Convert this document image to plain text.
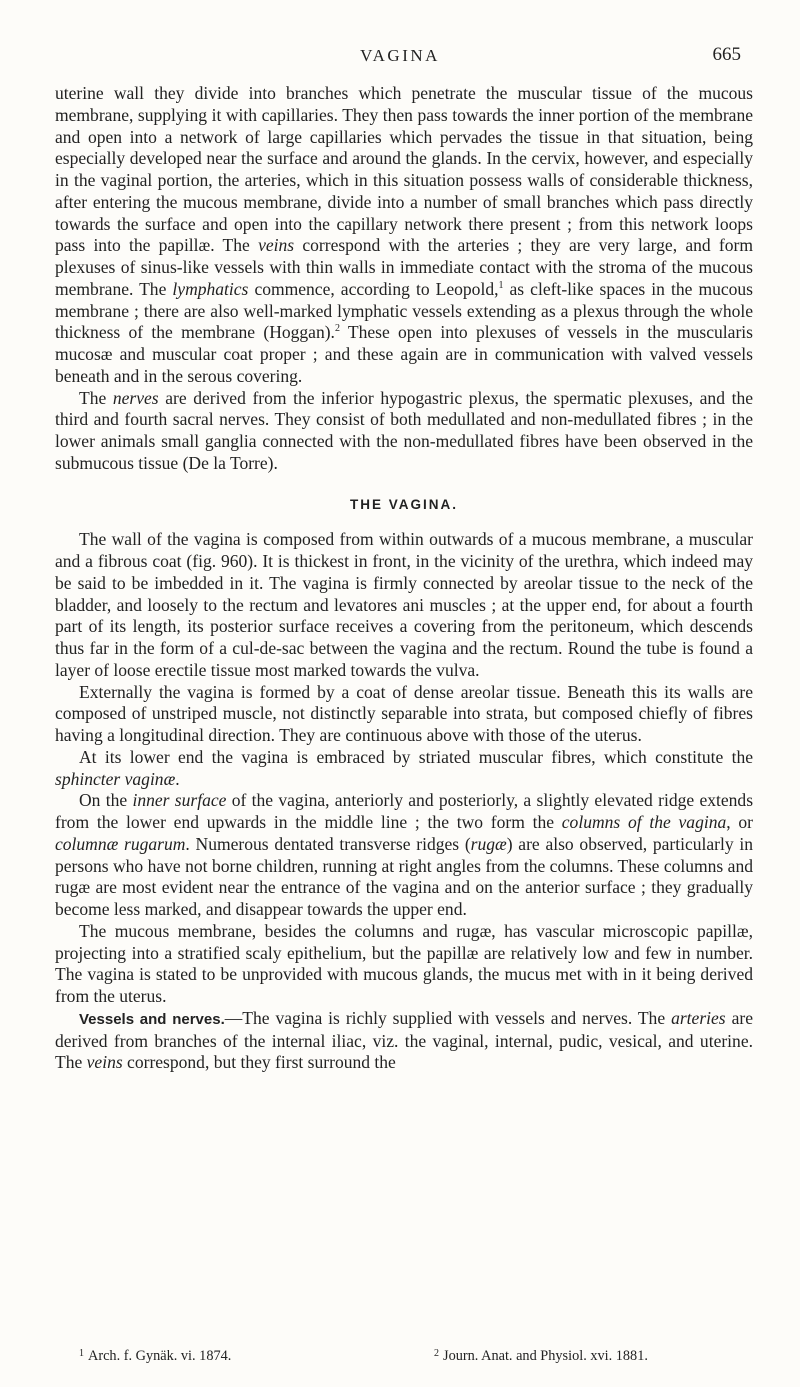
VAGINA	665

uterine wall they divide into branches which penetrate the muscular tissue of the mucous membrane, supplying it with capillaries. They then pass towards the inner portion of the membrane and open into a network of large capillaries which pervades the tissue in that situation, being especially developed near the surface and around the glands. In the cervix, however, and especially in the vaginal portion, the arteries, which in this situation possess walls of considerable thickness, after entering the mucous membrane, divide into a number of small branches which pass directly towards the surface and open into the capillary network there present ; from this network loops pass into the papillæ. The veins correspond with the arteries ; they are very large, and form plexuses of sinus-like vessels with thin walls in immediate contact with the stroma of the mucous membrane. The lymphatics commence, according to Leopold,$^1$ as cleft-like spaces in the mucous membrane ; there are also well-marked lymphatic vessels extending as a plexus through the whole thickness of the membrane (Hoggan).$^2$ These open into plexuses of vessels in the muscularis mucosæ and muscular coat proper ; and these again are in communication with valved vessels beneath and in the serous covering.

The nerves are derived from the inferior hypogastric plexus, the spermatic plexuses, and the third and fourth sacral nerves. They consist of both medullated and non-medullated fibres ; in the lower animals small ganglia connected with the non-medullated fibres have been observed in the submucous tissue (De la Torre).

THE VAGINA.

The wall of the vagina is composed from within outwards of a mucous membrane, a muscular and a fibrous coat (fig. 960). It is thickest in front, in the vicinity of the urethra, which indeed may be said to be imbedded in it. The vagina is firmly connected by areolar tissue to the neck of the bladder, and loosely to the rectum and levatores ani muscles ; at the upper end, for about a fourth part of its length, its posterior surface receives a covering from the peritoneum, which descends thus far in the form of a cul-de-sac between the vagina and the rectum. Round the tube is found a layer of loose erectile tissue most marked towards the vulva.

Externally the vagina is formed by a coat of dense areolar tissue. Beneath this its walls are composed of unstriped muscle, not distinctly separable into strata, but composed chiefly of fibres having a longitudinal direction. They are continuous above with those of the uterus.

At its lower end the vagina is embraced by striated muscular fibres, which constitute the sphincter vaginæ.

On the inner surface of the vagina, anteriorly and posteriorly, a slightly elevated ridge extends from the lower end upwards in the middle line ; the two form the columns of the vagina, or columnæ rugarum. Numerous dentated transverse ridges (rugæ) are also observed, particularly in persons who have not borne children, running at right angles from the columns. These columns and rugæ are most evident near the entrance of the vagina and on the anterior surface ; they gradually become less marked, and disappear towards the upper end.

The mucous membrane, besides the columns and rugæ, has vascular microscopic papillæ, projecting into a stratified scaly epithelium, but the papillæ are relatively low and few in number. The vagina is stated to be unprovided with mucous glands, the mucus met with in it being derived from the uterus.

Vessels and nerves.—The vagina is richly supplied with vessels and nerves. The arteries are derived from branches of the internal iliac, viz. the vaginal, internal, pudic, vesical, and uterine. The veins correspond, but they first surround the

$^1$ Arch. f. Gynäk. vi. 1874.	$^2$ Journ. Anat. and Physiol. xvi. 1881.
